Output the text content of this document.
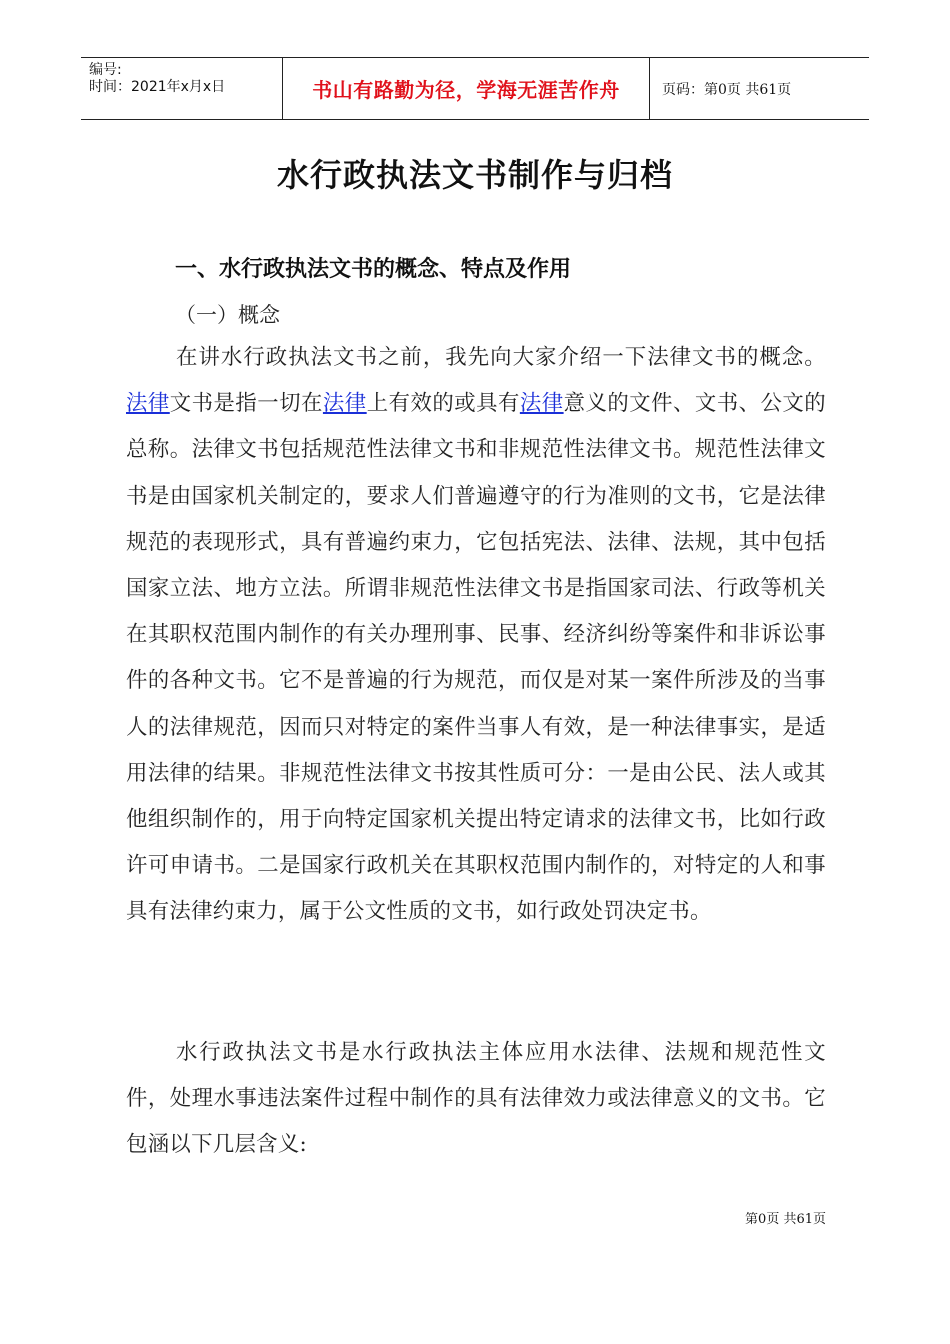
编号:
时间：2021年x月x日	书山有路勤为径，学海无涯苦作舟	页码：第0页 共61页
水行政执法文书制作与归档
一、水行政执法文书的概念、特点及作用
（一）概念
在讲水行政执法文书之前，我先向大家介绍一下法律文书的概念。法律文书是指一切在法律上有效的或具有法律意义的文件、文书、公文的总称。法律文书包括规范性法律文书和非规范性法律文书。规范性法律文书是由国家机关制定的，要求人们普遍遵守的行为准则的文书，它是法律规范的表现形式，具有普遍约束力，它包括宪法、法律、法规，其中包括国家立法、地方立法。所谓非规范性法律文书是指国家司法、行政等机关在其职权范围内制作的有关办理刑事、民事、经济纠纷等案件和非诉讼事件的各种文书。它不是普遍的行为规范，而仅是对某一案件所涉及的当事人的法律规范，因而只对特定的案件当事人有效，是一种法律事实，是适用法律的结果。非规范性法律文书按其性质可分：一是由公民、法人或其他组织制作的，用于向特定国家机关提出特定请求的法律文书，比如行政许可申请书。二是国家行政机关在其职权范围内制作的，对特定的人和事具有法律约束力，属于公文性质的文书，如行政处罚决定书。
水行政执法文书是水行政执法主体应用水法律、法规和规范性文件，处理水事违法案件过程中制作的具有法律效力或法律意义的文书。它包涵以下几层含义:
第0页 共61页
